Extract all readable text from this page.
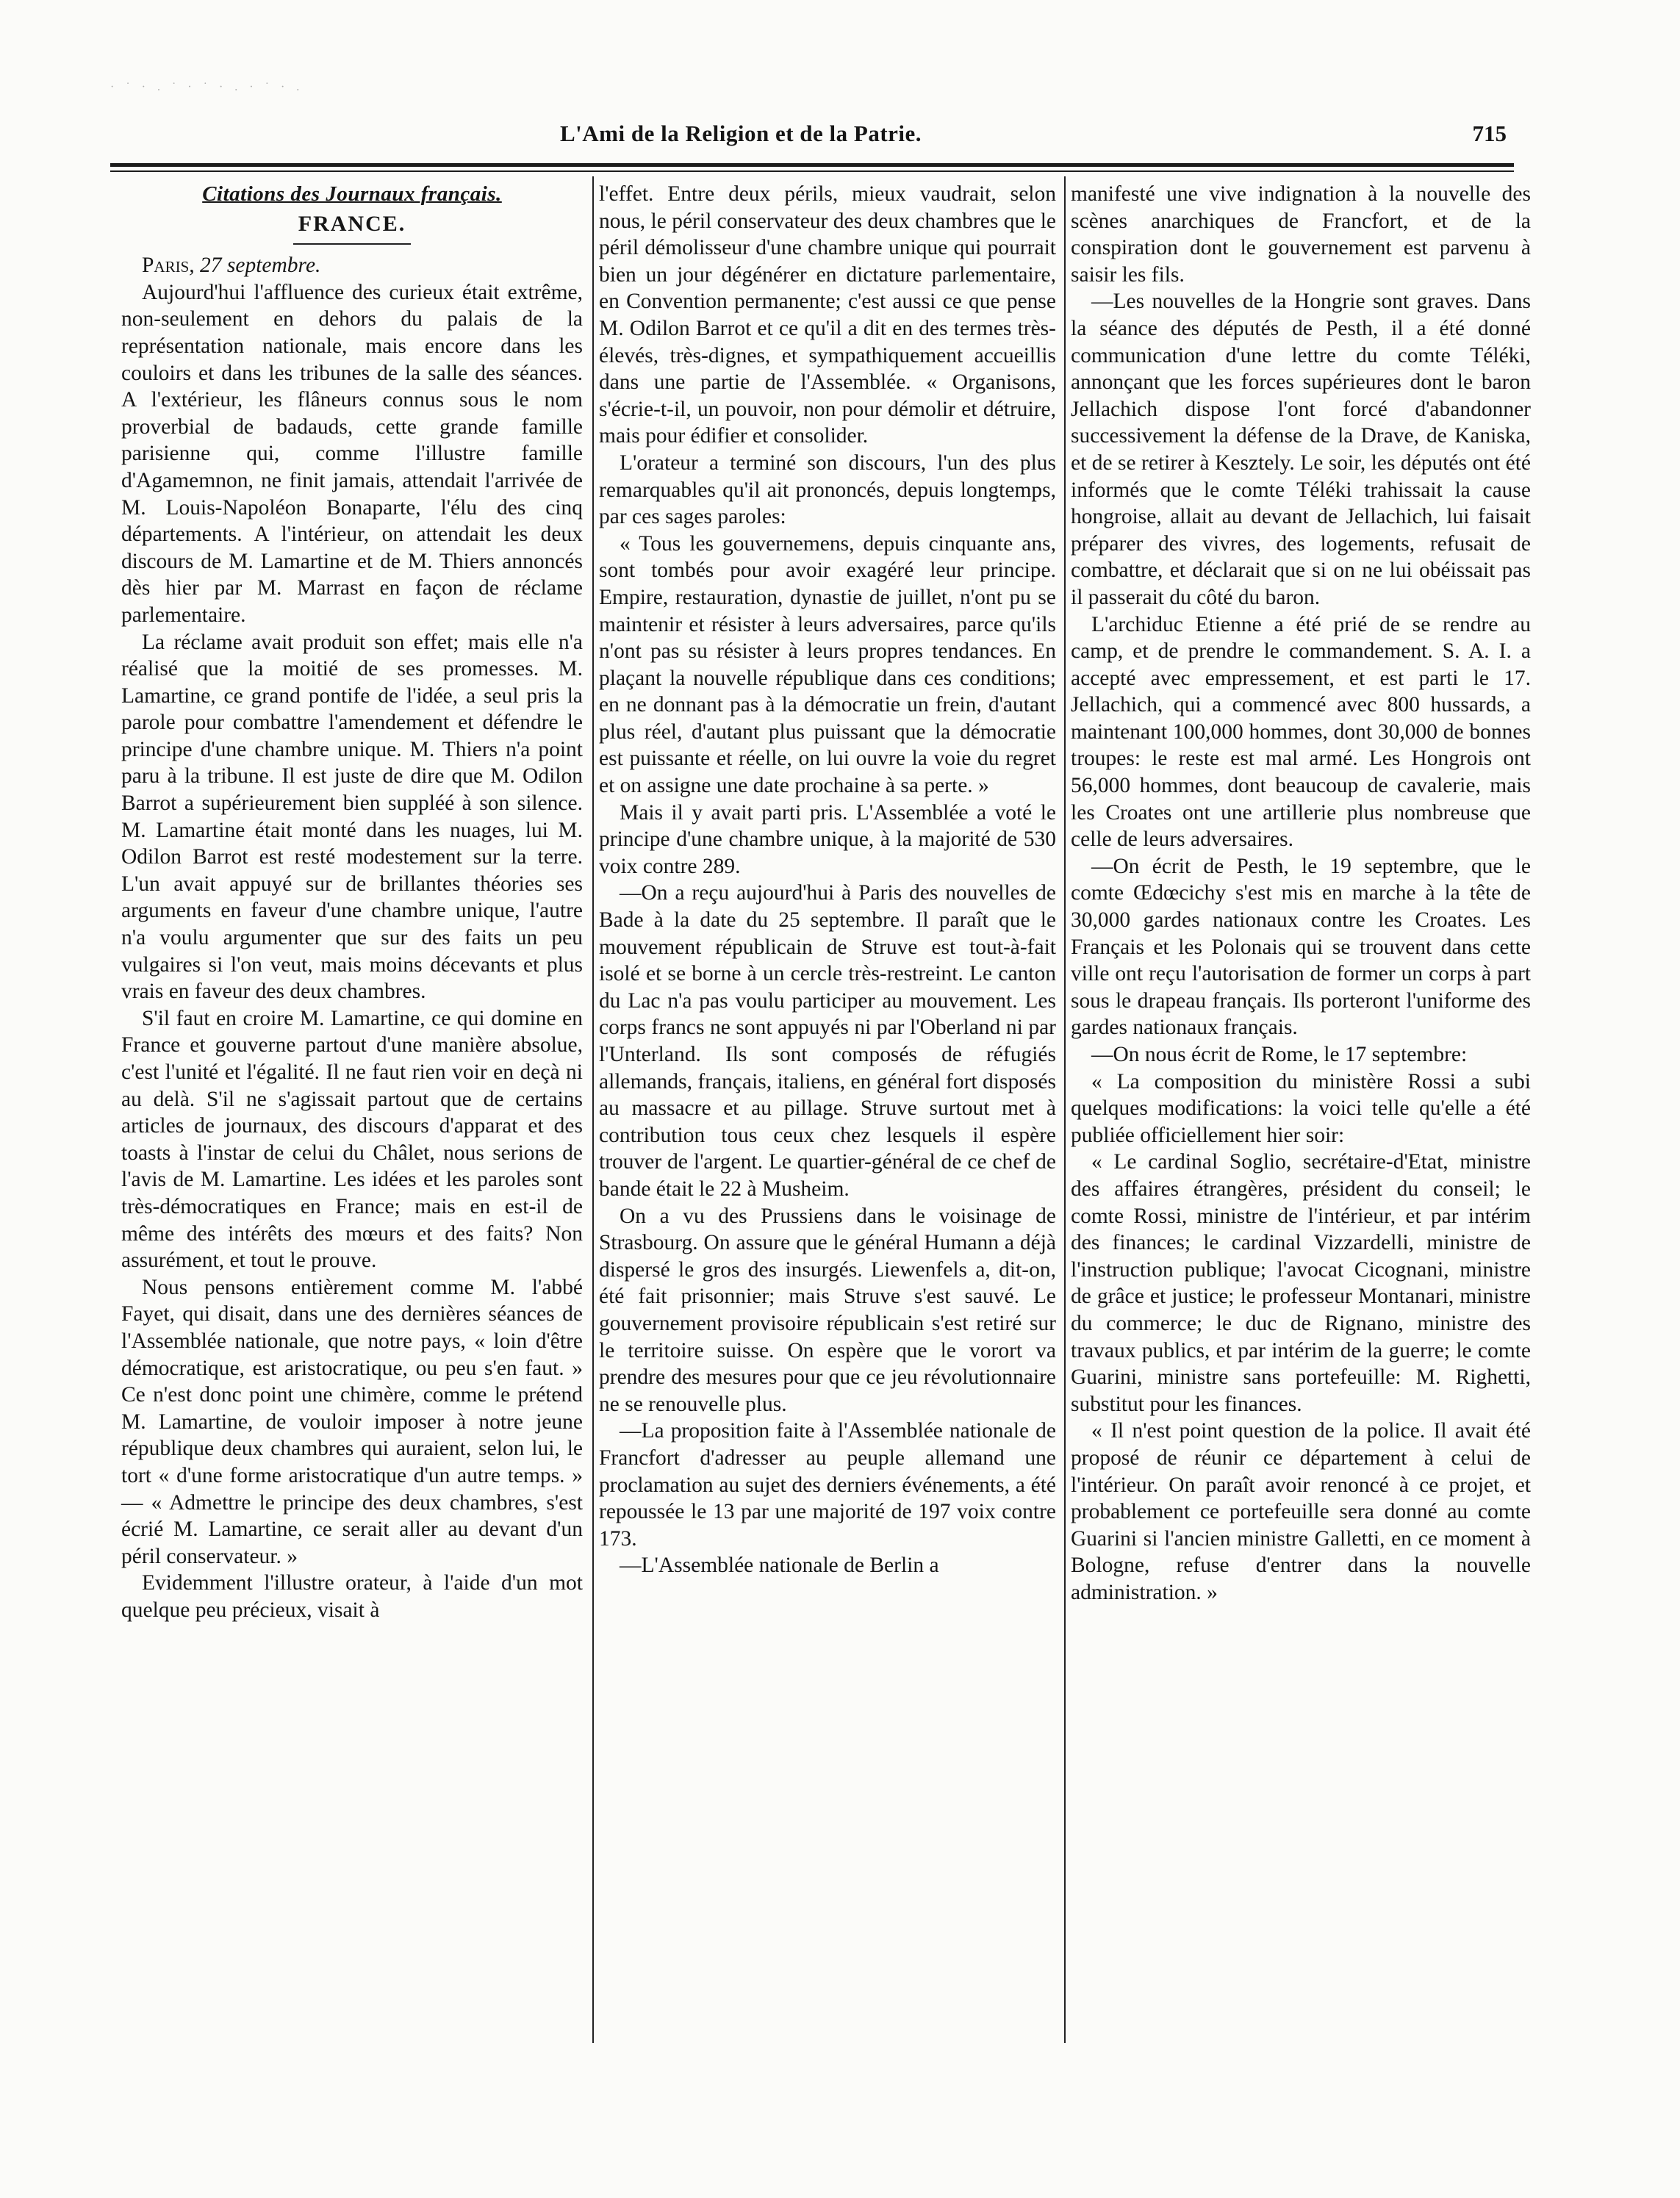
· ˙ · . ˙ · ˙ · . · ˙ · .
L'Ami de la Religion et de la Patrie.	715
Citations des Journaux français.
FRANCE.

Paris, 27 septembre.

Aujourd'hui l'affluence des curieux était extrême, non-seulement en dehors du palais de la représentation nationale, mais encore dans les couloirs et dans les tribunes de la salle des séances. A l'extérieur, les flâneurs connus sous le nom proverbial de badauds, cette grande famille parisienne qui, comme l'illustre famille d'Agamemnon, ne finit jamais, attendait l'arrivée de M. Louis-Napoléon Bonaparte, l'élu des cinq départements. A l'intérieur, on attendait les deux discours de M. Lamartine et de M. Thiers annoncés dès hier par M. Marrast en façon de réclame parlementaire.

La réclame avait produit son effet; mais elle n'a réalisé que la moitié de ses promesses. M. Lamartine, ce grand pontife de l'idée, a seul pris la parole pour combattre l'amendement et défendre le principe d'une chambre unique. M. Thiers n'a point paru à la tribune. Il est juste de dire que M. Odilon Barrot a supérieurement bien suppléé à son silence. M. Lamartine était monté dans les nuages, lui M. Odilon Barrot est resté modestement sur la terre. L'un avait appuyé sur de brillantes théories ses arguments en faveur d'une chambre unique, l'autre n'a voulu argumenter que sur des faits un peu vulgaires si l'on veut, mais moins décevants et plus vrais en faveur des deux chambres.

S'il faut en croire M. Lamartine, ce qui domine en France et gouverne partout d'une manière absolue, c'est l'unité et l'égalité. Il ne faut rien voir en deçà ni au delà. S'il ne s'agissait partout que de certains articles de journaux, des discours d'apparat et des toasts à l'instar de celui du Châlet, nous serions de l'avis de M. Lamartine. Les idées et les paroles sont très-démocratiques en France; mais en est-il de même des intérêts des mœurs et des faits? Non assurément, et tout le prouve.

Nous pensons entièrement comme M. l'abbé Fayet, qui disait, dans une des dernières séances de l'Assemblée nationale, que notre pays, « loin d'être démocratique, est aristocratique, ou peu s'en faut. » Ce n'est donc point une chimère, comme le prétend M. Lamartine, de vouloir imposer à notre jeune république deux chambres qui auraient, selon lui, le tort « d'une forme aristocratique d'un autre temps. » — « Admettre le principe des deux chambres, s'est écrié M. Lamartine, ce serait aller au devant d'un péril conservateur. »

Evidemment l'illustre orateur, à l'aide d'un mot quelque peu précieux, visait à

l'effet. Entre deux périls, mieux vaudrait, selon nous, le péril conservateur des deux chambres que le péril démolisseur d'une chambre unique qui pourrait bien un jour dégénérer en dictature parlementaire, en Convention permanente; c'est aussi ce que pense M. Odilon Barrot et ce qu'il a dit en des termes très-élevés, très-dignes, et sympathiquement accueillis dans une partie de l'Assemblée. « Organisons, s'écrie-t-il, un pouvoir, non pour démolir et détruire, mais pour édifier et consolider.

L'orateur a terminé son discours, l'un des plus remarquables qu'il ait prononcés, depuis longtemps, par ces sages paroles:

« Tous les gouvernemens, depuis cinquante ans, sont tombés pour avoir exagéré leur principe. Empire, restauration, dynastie de juillet, n'ont pu se maintenir et résister à leurs adversaires, parce qu'ils n'ont pas su résister à leurs propres tendances. En plaçant la nouvelle république dans ces conditions; en ne donnant pas à la démocratie un frein, d'autant plus réel, d'autant plus puissant que la démocratie est puissante et réelle, on lui ouvre la voie du regret et on assigne une date prochaine à sa perte. »

Mais il y avait parti pris. L'Assemblée a voté le principe d'une chambre unique, à la majorité de 530 voix contre 289.

—On a reçu aujourd'hui à Paris des nouvelles de Bade à la date du 25 septembre. Il paraît que le mouvement républicain de Struve est tout-à-fait isolé et se borne à un cercle très-restreint. Le canton du Lac n'a pas voulu participer au mouvement. Les corps francs ne sont appuyés ni par l'Oberland ni par l'Unterland. Ils sont composés de réfugiés allemands, français, italiens, en général fort disposés au massacre et au pillage. Struve surtout met à contribution tous ceux chez lesquels il espère trouver de l'argent. Le quartier-général de ce chef de bande était le 22 à Musheim.

On a vu des Prussiens dans le voisinage de Strasbourg. On assure que le général Humann a déjà dispersé le gros des insurgés. Liewenfels a, dit-on, été fait prisonnier; mais Struve s'est sauvé. Le gouvernement provisoire républicain s'est retiré sur le territoire suisse. On espère que le vorort va prendre des mesures pour que ce jeu révolutionnaire ne se renouvelle plus.

—La proposition faite à l'Assemblée nationale de Francfort d'adresser au peuple allemand une proclamation au sujet des derniers événements, a été repoussée le 13 par une majorité de 197 voix contre 173.

—L'Assemblée nationale de Berlin a

manifesté une vive indignation à la nouvelle des scènes anarchiques de Francfort, et de la conspiration dont le gouvernement est parvenu à saisir les fils.

—Les nouvelles de la Hongrie sont graves. Dans la séance des députés de Pesth, il a été donné communication d'une lettre du comte Téléki, annonçant que les forces supérieures dont le baron Jellachich dispose l'ont forcé d'abandonner successivement la défense de la Drave, de Kaniska, et de se retirer à Kesztely. Le soir, les députés ont été informés que le comte Téléki trahissait la cause hongroise, allait au devant de Jellachich, lui faisait préparer des vivres, des logements, refusait de combattre, et déclarait que si on ne lui obéissait pas il passerait du côté du baron.

L'archiduc Etienne a été prié de se rendre au camp, et de prendre le commandement. S. A. I. a accepté avec empressement, et est parti le 17. Jellachich, qui a commencé avec 800 hussards, a maintenant 100,000 hommes, dont 30,000 de bonnes troupes: le reste est mal armé. Les Hongrois ont 56,000 hommes, dont beaucoup de cavalerie, mais les Croates ont une artillerie plus nombreuse que celle de leurs adversaires.

—On écrit de Pesth, le 19 septembre, que le comte Œdœcichy s'est mis en marche à la tête de 30,000 gardes nationaux contre les Croates. Les Français et les Polonais qui se trouvent dans cette ville ont reçu l'autorisation de former un corps à part sous le drapeau français. Ils porteront l'uniforme des gardes nationaux français.

—On nous écrit de Rome, le 17 septembre:

« La composition du ministère Rossi a subi quelques modifications: la voici telle qu'elle a été publiée officiellement hier soir:

« Le cardinal Soglio, secrétaire-d'Etat, ministre des affaires étrangères, président du conseil; le comte Rossi, ministre de l'intérieur, et par intérim des finances; le cardinal Vizzardelli, ministre de l'instruction publique; l'avocat Cicognani, ministre de grâce et justice; le professeur Montanari, ministre du commerce; le duc de Rignano, ministre des travaux publics, et par intérim de la guerre; le comte Guarini, ministre sans portefeuille: M. Righetti, substitut pour les finances.

« Il n'est point question de la police. Il avait été proposé de réunir ce département à celui de l'intérieur. On paraît avoir renoncé à ce projet, et probablement ce portefeuille sera donné au comte Guarini si l'ancien ministre Galletti, en ce moment à Bologne, refuse d'entrer dans la nouvelle administration. »
